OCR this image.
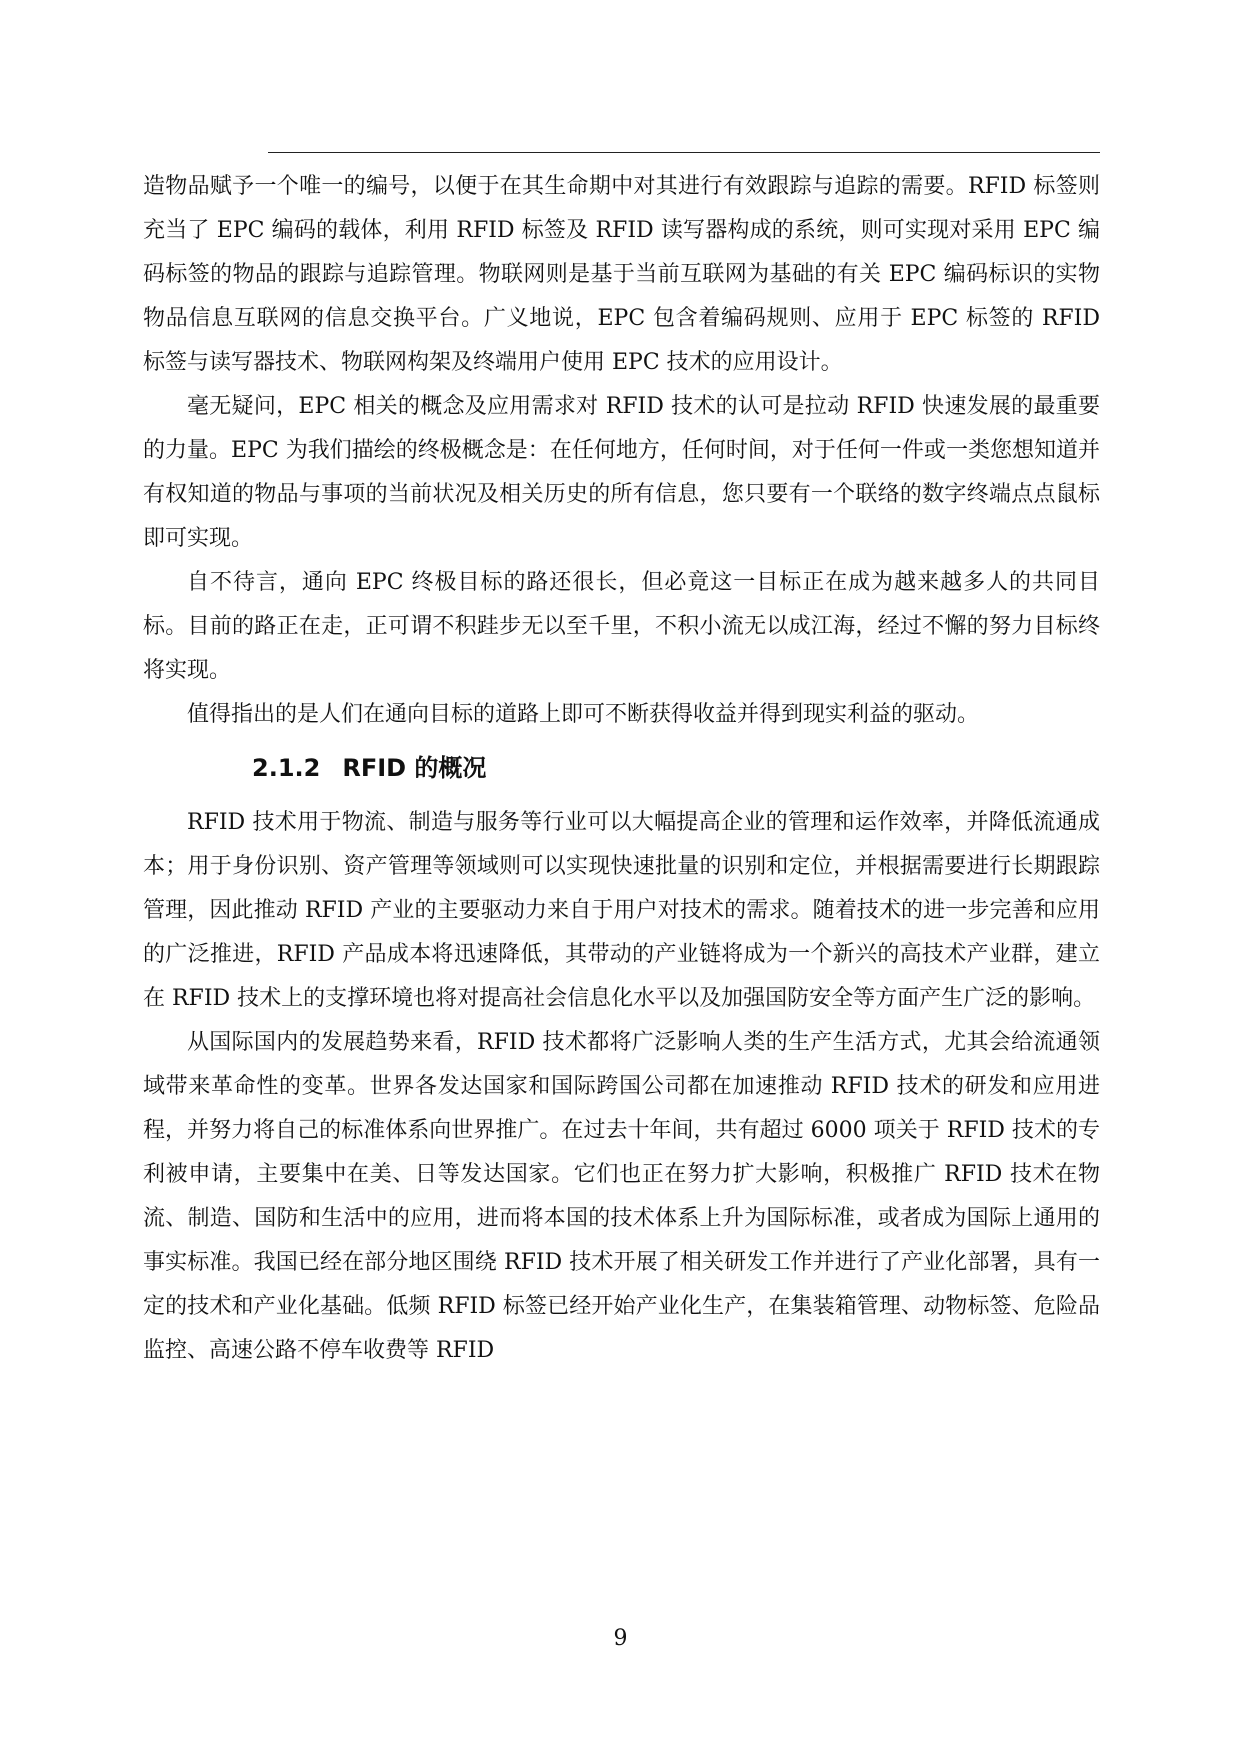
造物品赋予一个唯一的编号，以便于在其生命期中对其进行有效跟踪与追踪的需要。RFID 标签则充当了 EPC 编码的载体，利用 RFID 标签及 RFID 读写器构成的系统，则可实现对采用 EPC 编码标签的物品的跟踪与追踪管理。物联网则是基于当前互联网为基础的有关 EPC 编码标识的实物物品信息互联网的信息交换平台。广义地说，EPC 包含着编码规则、应用于 EPC 标签的 RFID 标签与读写器技术、物联网构架及终端用户使用 EPC 技术的应用设计。

毫无疑问，EPC 相关的概念及应用需求对 RFID 技术的认可是拉动 RFID 快速发展的最重要的力量。EPC 为我们描绘的终极概念是：在任何地方，任何时间，对于任何一件或一类您想知道并有权知道的物品与事项的当前状况及相关历史的所有信息，您只要有一个联络的数字终端点点鼠标即可实现。

自不待言，通向 EPC 终极目标的路还很长，但必竟这一目标正在成为越来越多人的共同目标。目前的路正在走，正可谓不积跬步无以至千里，不积小流无以成江海，经过不懈的努力目标终将实现。

值得指出的是人们在通向目标的道路上即可不断获得收益并得到现实利益的驱动。

2.1.2 RFID 的概况

RFID 技术用于物流、制造与服务等行业可以大幅提高企业的管理和运作效率，并降低流通成本；用于身份识别、资产管理等领域则可以实现快速批量的识别和定位，并根据需要进行长期跟踪管理，因此推动 RFID 产业的主要驱动力来自于用户对技术的需求。随着技术的进一步完善和应用的广泛推进，RFID 产品成本将迅速降低，其带动的产业链将成为一个新兴的高技术产业群，建立在 RFID 技术上的支撑环境也将对提高社会信息化水平以及加强国防安全等方面产生广泛的影响。

从国际国内的发展趋势来看，RFID 技术都将广泛影响人类的生产生活方式，尤其会给流通领域带来革命性的变革。世界各发达国家和国际跨国公司都在加速推动 RFID 技术的研发和应用进程，并努力将自己的标准体系向世界推广。在过去十年间，共有超过 6000 项关于 RFID 技术的专利被申请，主要集中在美、日等发达国家。它们也正在努力扩大影响，积极推广 RFID 技术在物流、制造、国防和生活中的应用，进而将本国的技术体系上升为国际标准，或者成为国际上通用的事实标准。我国已经在部分地区围绕 RFID 技术开展了相关研发工作并进行了产业化部署，具有一定的技术和产业化基础。低频 RFID 标签已经开始产业化生产，在集装箱管理、动物标签、危险品监控、高速公路不停车收费等 RFID

9
